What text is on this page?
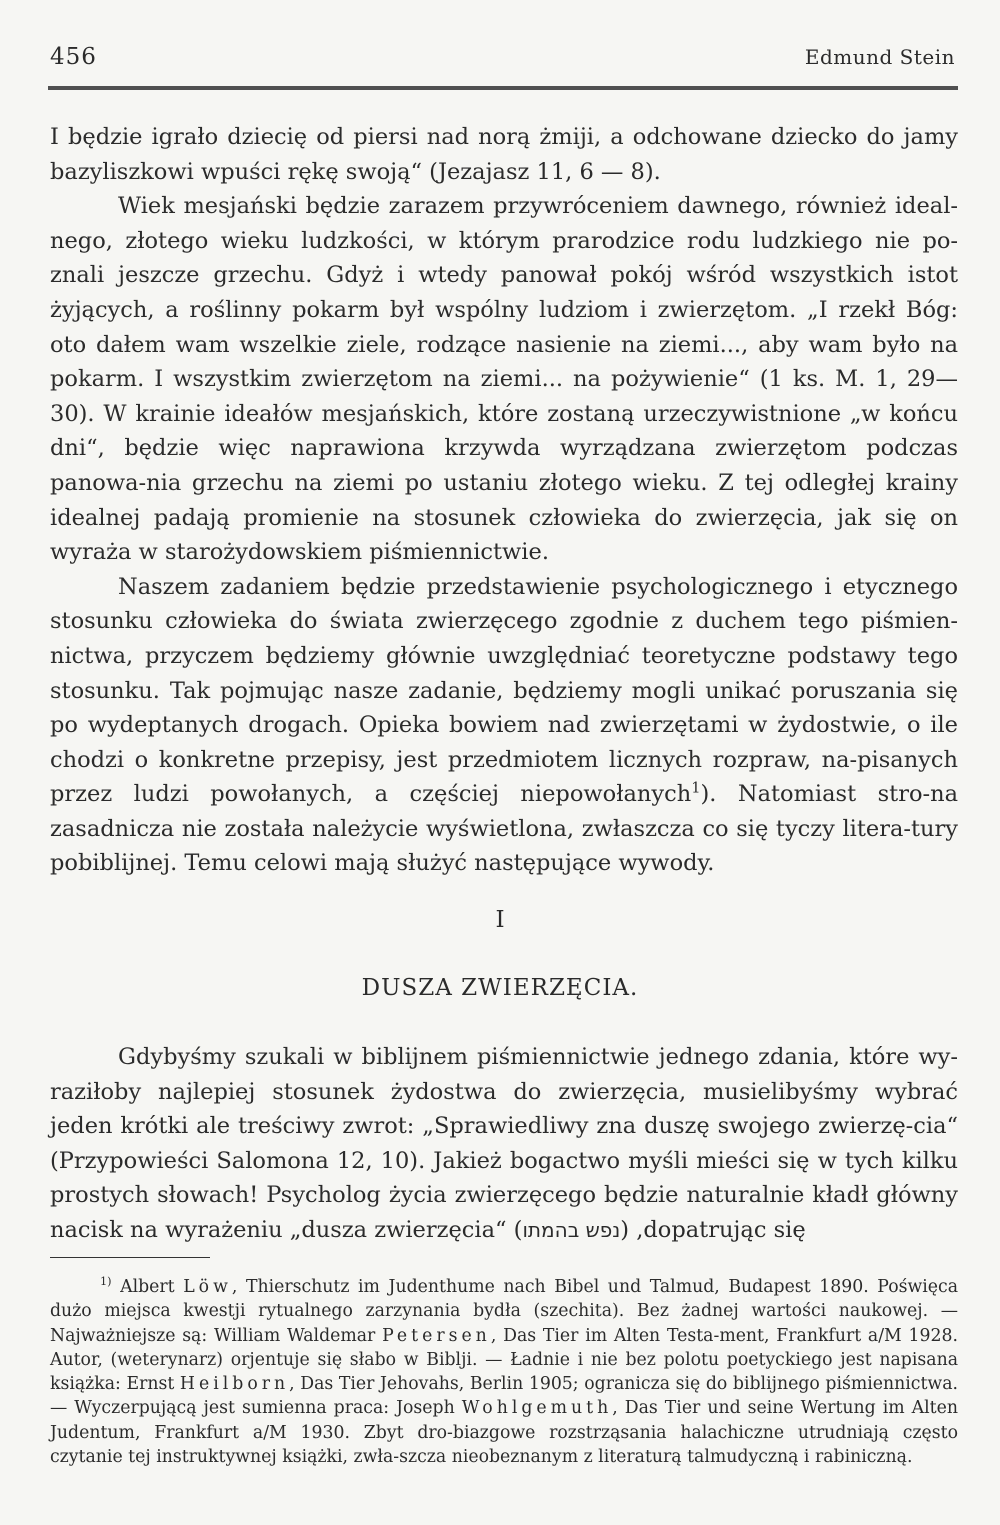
456	Edmund Stein

I będzie igrało dziecię od piersi nad norą żmiji, a odchowane dziecko do jamy bazyliszkowi wpuści rękę swoją“ (Jezajasz 11, 6 — 8).

Wiek mesjański będzie zarazem przywróceniem dawnego, również ideal-nego, złotego wieku ludzkości, w którym prarodzice rodu ludzkiego nie po-znali jeszcze grzechu. Gdyż i wtedy panował pokój wśród wszystkich istot żyjących, a roślinny pokarm był wspólny ludziom i zwierzętom. „I rzekł Bóg: oto dałem wam wszelkie ziele, rodzące nasienie na ziemi..., aby wam było na pokarm. I wszystkim zwierzętom na ziemi... na pożywienie“ (1 ks. M. 1, 29—30). W krainie ideałów mesjańskich, które zostaną urzeczywistnione „w końcu dni“, będzie więc naprawiona krzywda wyrządzana zwierzętom podczas panowa-nia grzechu na ziemi po ustaniu złotego wieku. Z tej odległej krainy idealnej padają promienie na stosunek człowieka do zwierzęcia, jak się on wyraża w starożydowskiem piśmiennictwie.

Naszem zadaniem będzie przedstawienie psychologicznego i etycznego stosunku człowieka do świata zwierzęcego zgodnie z duchem tego piśmien-nictwa, przyczem będziemy głównie uwzględniać teoretyczne podstawy tego stosunku. Tak pojmując nasze zadanie, będziemy mogli unikać poruszania się po wydeptanych drogach. Opieka bowiem nad zwierzętami w żydostwie, o ile chodzi o konkretne przepisy, jest przedmiotem licznych rozpraw, na-pisanych przez ludzi powołanych, a częściej niepowołanych$^1$). Natomiast stro-na zasadnicza nie została należycie wyświetlona, zwłaszcza co się tyczy litera-tury pobiblijnej. Temu celowi mają służyć następujące wywody.

I
DUSZA ZWIERZĘCIA.

Gdybyśmy szukali w biblijnem piśmiennictwie jednego zdania, które wy-raziłoby najlepiej stosunek żydostwa do zwierzęcia, musielibyśmy wybrać jeden krótki ale treściwy zwrot: „Sprawiedliwy zna duszę swojego zwierzę-cia“ (Przypowieści Salomona 12, 10). Jakież bogactwo myśli mieści się w tych kilku prostych słowach! Psycholog życia zwierzęcego będzie naturalnie kładł główny nacisk na wyrażeniu „dusza zwierzęcia“ (נפש בהמתו) ,dopatrując się

$^{1)}$ Albert Löw, Thierschutz im Judenthume nach Bibel und Talmud, Budapest 1890. Poświęca dużo miejsca kwestji rytualnego zarzynania bydła (szechita). Bez żadnej wartości naukowej. — Najważniejsze są: William Waldemar Petersen, Das Tier im Alten Testa-ment, Frankfurt a/M 1928. Autor, (weterynarz) orjentuje się słabo w Biblji. — Ładnie i nie bez polotu poetyckiego jest napisana książka: Ernst Heilborn, Das Tier Jehovahs, Berlin 1905; ogranicza się do biblijnego piśmiennictwa. — Wyczerpującą jest sumienna praca: Joseph Wohlgemuth, Das Tier und seine Wertung im Alten Judentum, Frankfurt a/M 1930. Zbyt dro-biazgowe rozstrząsania halachiczne utrudniają często czytanie tej instruktywnej książki, zwła-szcza nieobeznanym z literaturą talmudyczną i rabiniczną.
